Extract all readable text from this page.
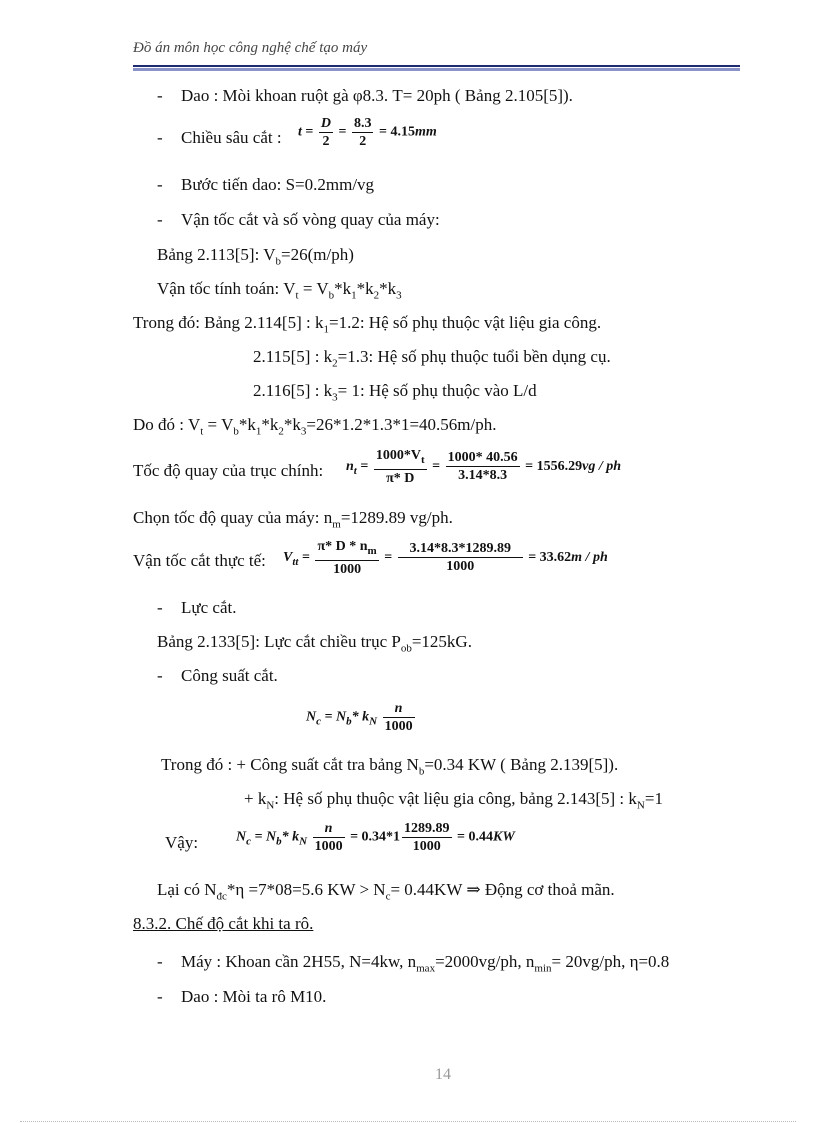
Đồ án môn học công nghệ chế tạo máy
- Dao : Mòi khoan ruột gà φ8.3. T= 20ph ( Bảng 2.105[5]).
- Chiều sâu cắt : $t = \frac{D}{2} = \frac{8.3}{2} = 4.15mm$
- Bước tiến dao: S=0.2mm/vg
- Vận tốc cắt và số vòng quay của máy:
Bảng 2.113[5]: $V_b=26(m/ph)$
Vận tốc tính toán: $V_t = V_b*k_1*k_2*k_3$
Trong đó: Bảng 2.114[5] : $k_1=1.2$: Hệ số phụ thuộc vật liệu gia công.
2.115[5] : $k_2=1.3$: Hệ số phụ thuộc tuổi bền dụng cụ.
2.116[5] : $k_3= 1$: Hệ số phụ thuộc vào L/d
Do đó : $V_t = V_b*k_1*k_2*k_3=26*1.2*1.3*1=40.56m/ph$.
Tốc độ quay của trục chính: $n_t = \frac{1000*V_t}{\pi* D} = \frac{1000* 40.56}{3.14*8.3} = 1556.29vg$ / ph
Chọn tốc độ quay của máy: $n_m=1289.89$ vg/ph.
Vận tốc cắt thực tế: $V_{tt} = \frac{\pi* D * n_m}{1000} = \frac{3.14*8.3*1289.89}{1000} = 33.62m$ / ph
- Lực cắt.
Bảng 2.133[5]: Lực cắt chiều trục $P_{ob}=125kG$.
- Công suất cắt.
$N_c = N_b*$ $k_N \frac{n}{1000}$
Trong đó : + Công suất cắt tra bảng $N_b=0.34$ KW ( Bảng 2.139[5]).
+ $k_N$: Hệ số phụ thuộc vật liệu gia công, bảng 2.143[5] : $k_N=1$
Vậy:	$N_c = N_b*$ $k_N \frac{n}{1000} = 0.34*1 \frac{1289.89}{1000} = 0.44KW$
Lại có $N_{đc}*\eta =7*08=5.6$ KW > $N_c= 0.44KW$ ⇒ Động cơ thoả mãn.
8.3.2. Chế độ cắt khi ta rô.
- Máy : Khoan cần 2H55, N=4kw, $n_{max}=2000vg/ph$, $n_{min}= 20vg/ph$, η=0.8
- Dao : Mòi ta rô M10.
14
